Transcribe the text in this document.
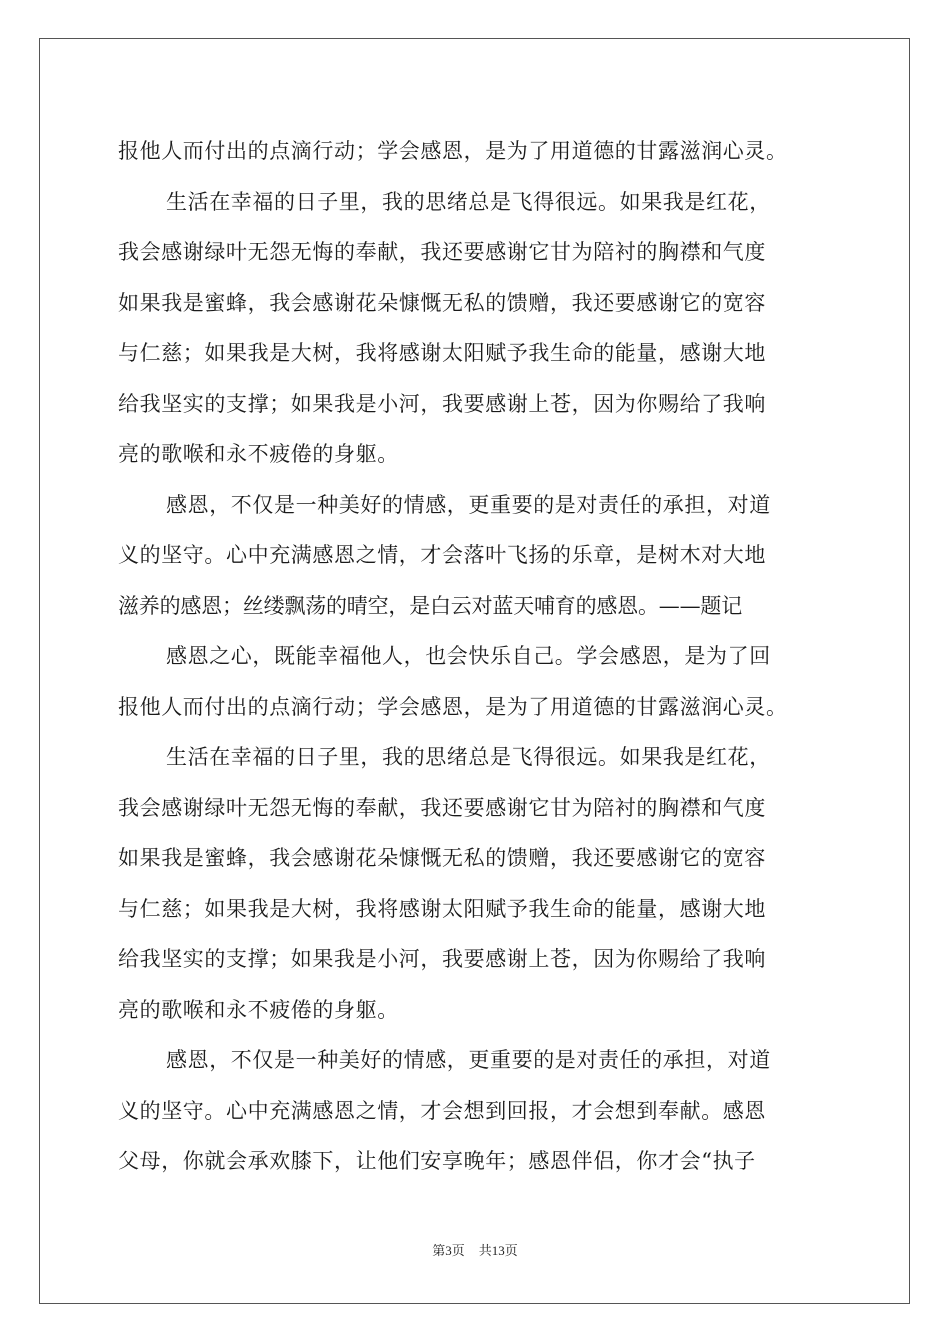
报他人而付出的点滴行动；学会感恩，是为了用道德的甘露滋润心灵。
生活在幸福的日子里，我的思绪总是飞得很远。如果我是红花，
我会感谢绿叶无怨无悔的奉献，我还要感谢它甘为陪衬的胸襟和气度
如果我是蜜蜂，我会感谢花朵慷慨无私的馈赠，我还要感谢它的宽容
与仁慈；如果我是大树，我将感谢太阳赋予我生命的能量，感谢大地
给我坚实的支撑；如果我是小河，我要感谢上苍，因为你赐给了我响
亮的歌喉和永不疲倦的身躯。
感恩，不仅是一种美好的情感，更重要的是对责任的承担，对道
义的坚守。心中充满感恩之情，才会落叶飞扬的乐章，是树木对大地
滋养的感恩；丝缕飘荡的晴空，是白云对蓝天哺育的感恩。——题记
感恩之心，既能幸福他人，也会快乐自己。学会感恩，是为了回
报他人而付出的点滴行动；学会感恩，是为了用道德的甘露滋润心灵。
生活在幸福的日子里，我的思绪总是飞得很远。如果我是红花，
我会感谢绿叶无怨无悔的奉献，我还要感谢它甘为陪衬的胸襟和气度
如果我是蜜蜂，我会感谢花朵慷慨无私的馈赠，我还要感谢它的宽容
与仁慈；如果我是大树，我将感谢太阳赋予我生命的能量，感谢大地
给我坚实的支撑；如果我是小河，我要感谢上苍，因为你赐给了我响
亮的歌喉和永不疲倦的身躯。
感恩，不仅是一种美好的情感，更重要的是对责任的承担，对道
义的坚守。心中充满感恩之情，才会想到回报，才会想到奉献。感恩
父母，你就会承欢膝下，让他们安享晚年；感恩伴侣，你才会“执子
第3页 共13页
